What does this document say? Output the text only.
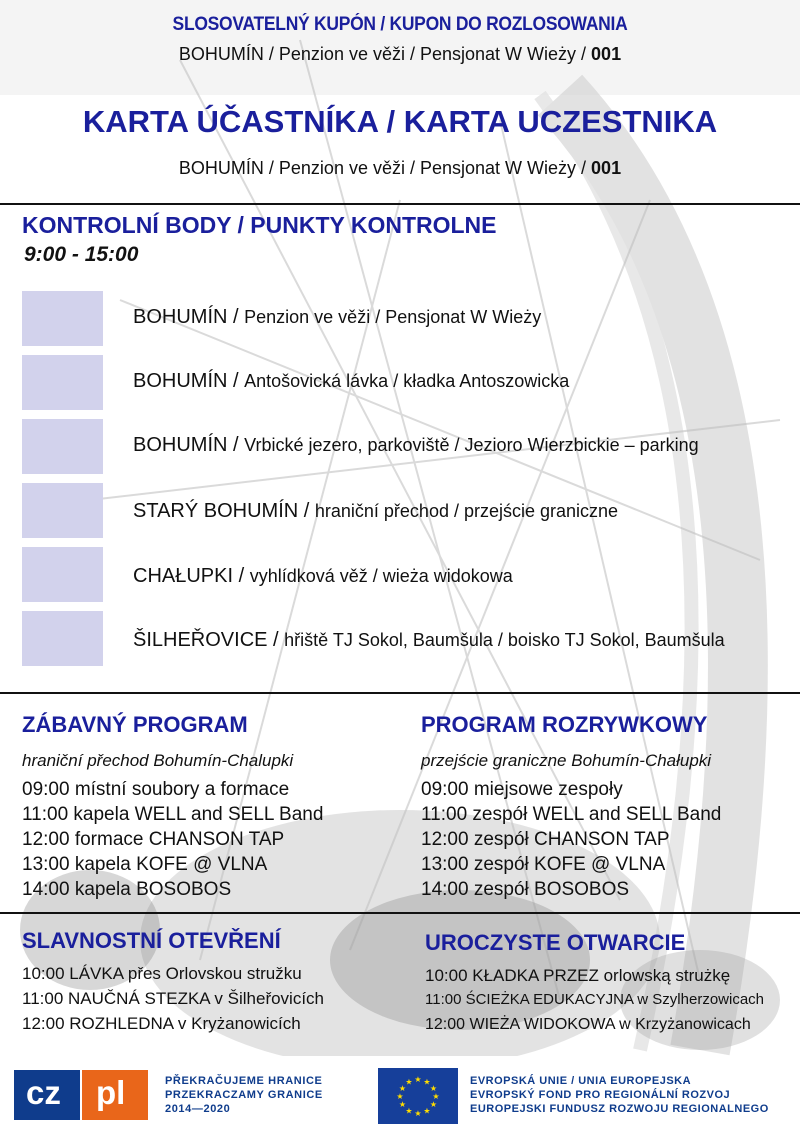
SLOSOVATELNÝ KUPÓN / KUPON DO ROZLOSOWANIA
BOHUMÍN / Penzion ve věži / Pensjonat W Wieży / 001
KARTA ÚČASTNÍKA / KARTA UCZESTNIKA
BOHUMÍN / Penzion ve věži / Pensjonat W Wieży / 001
KONTROLNÍ BODY / PUNKTY KONTROLNE
9:00 - 15:00
BOHUMÍN / Penzion ve věži / Pensjonat W Wieży
BOHUMÍN / Antošovická lávka / kładka Antoszowicka
BOHUMÍN / Vrbické jezero, parkoviště / Jezioro Wierzbickie – parking
STARÝ BOHUMÍN / hraniční přechod / przejście graniczne
CHAŁUPKI / vyhlídková věž / wieża widokowa
ŠILHEŘOVICE / hřiště TJ Sokol, Baumšula / boisko TJ Sokol, Baumšula
ZÁBAVNÝ PROGRAM
hraniční přechod Bohumín-Chalupki
09:00 místní soubory a formace
11:00 kapela WELL and SELL Band
12:00 formace CHANSON TAP
13:00 kapela KOFE @ VLNA
14:00 kapela BOSOBOS
PROGRAM ROZRYWKOWY
przejście graniczne Bohumín-Chałupki
09:00 miejsowe zespoły
11:00 zespół WELL and SELL Band
12:00 zespół CHANSON TAP
13:00 zespół KOFE @ VLNA
14:00 zespół BOSOBOS
SLAVNOSTNÍ OTEVŘENÍ
10:00 LÁVKA přes Orlovskou stružku
11:00 NAUČNÁ STEZKA v Šilheřovicích
12:00 ROZHLEDNA v Kryżanowicích
UROCZYSTE OTWARCIE
10:00 KŁADKA PRZEZ orlowską strużkę
11:00 ŚCIEŻKA EDUKACYJNA w Szylherzowicach
12:00 WIEŻA WIDOKOWA w Krzyżanowicach
cz pl	PŘEKRAČUJEME HRANICE
PRZEKRACZAMY GRANICE
2014—2020
★ ★
★
★
★
★
★
★
★
★
★
★	EVROPSKÁ UNIE / UNIA EUROPEJSKA
EVROPSKÝ FOND PRO REGIONÁLNÍ ROZVOJ
EUROPEJSKI FUNDUSZ ROZWOJU REGIONALNEGO
